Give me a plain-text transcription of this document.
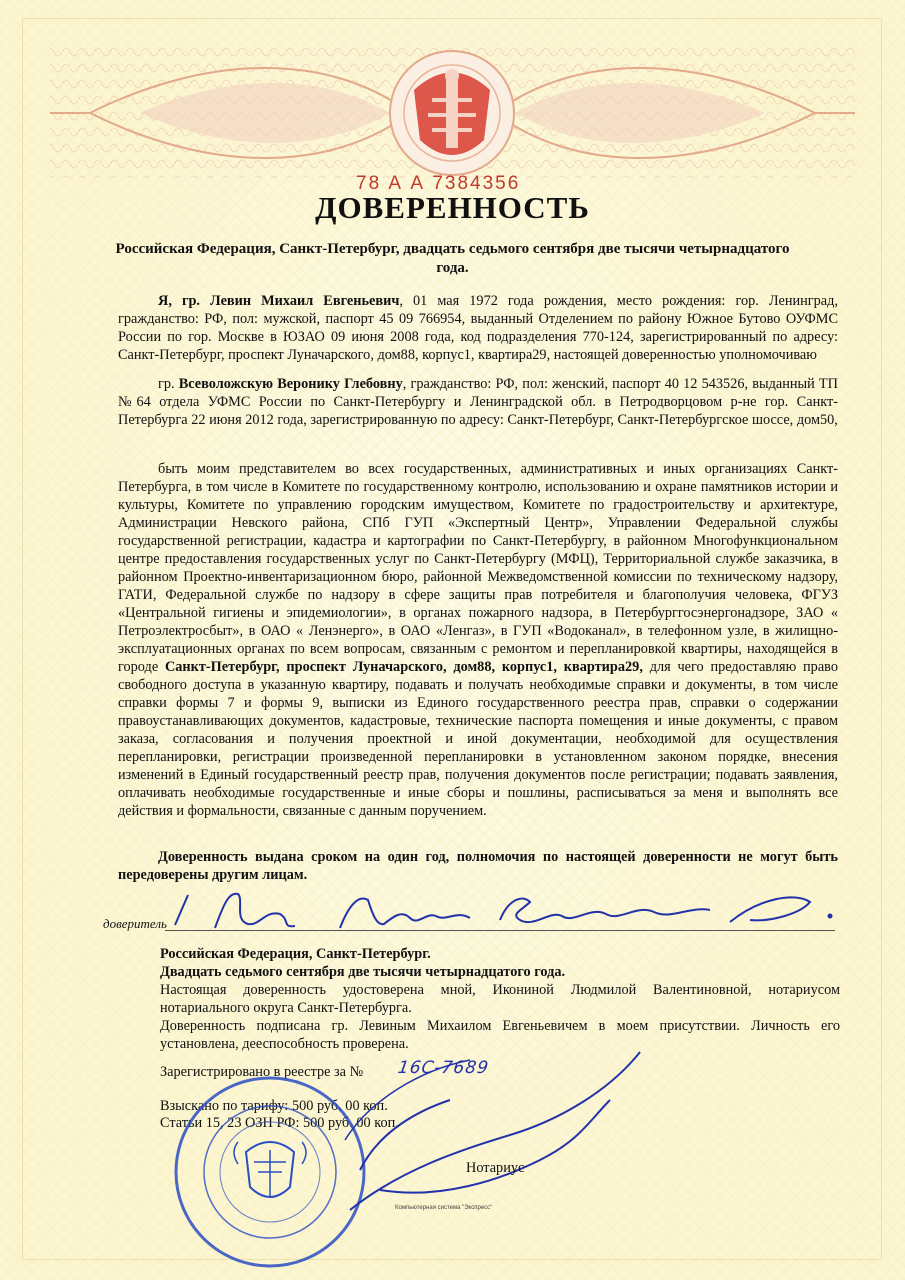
78 А А 7384356
ДОВЕРЕННОСТЬ
Российская Федерация, Санкт-Петербург, двадцать седьмого сентября две тысячи четырнадцатого года.
Я, гр. Левин Михаил Евгеньевич, 01 мая 1972 года рождения, место рождения: гор. Ленинград, гражданство: РФ, пол: мужской, паспорт 45 09 766954, выданный Отделением по району Южное Бутово ОУФМС России по гор. Москве в ЮЗАО 09 июня 2008 года, код подразделения 770-124, зарегистрированный по адресу: Санкт-Петербург, проспект Луначарского, дом88, корпус1, квартира29, настоящей доверенностью уполномочиваю
гр. Всеволожскую Веронику Глебовну, гражданство: РФ, пол: женский, паспорт 40 12 543526, выданный ТП №64 отдела УФМС России по Санкт-Петербургу и Ленинградской обл. в Петродворцовом р-не гор. Санкт-Петербурга 22 июня 2012 года, зарегистрированную по адресу: Санкт-Петербург, Санкт-Петербургское шоссе, дом50,
быть моим представителем во всех государственных, административных и иных организациях Санкт-Петербурга, в том числе в Комитете по государственному контролю, использованию и охране памятников истории и культуры, Комитете по управлению городским имуществом, Комитете по градостроительству и архитектуре, Администрации Невского района, СПб ГУП «Экспертный Центр», Управлении Федеральной службы государственной регистрации, кадастра и картографии по Санкт-Петербургу, в районном Многофункциональном центре предоставления государственных услуг по Санкт-Петербургу (МФЦ), Территориальной службе заказчика, в районном Проектно-инвентаризационном бюро, районной Межведомственной комиссии по техническому надзору, ГАТИ, Федеральной службе по надзору в сфере защиты прав потребителя и благополучия человека, ФГУЗ «Центральной гигиены и эпидемиологии», в органах пожарного надзора, в Петербурггосэнергонадзоре, ЗАО « Петроэлектросбыт», в ОАО « Ленэнерго», в ОАО «Ленгаз», в ГУП «Водоканал», в телефонном узле, в жилищно-эксплуатационных органах по всем вопросам, связанным с ремонтом и перепланировкой квартиры, находящейся в городе Санкт-Петербург, проспект Луначарского, дом88, корпус1, квартира29, для чего предоставляю право свободного доступа в указанную квартиру, подавать и получать необходимые справки и документы, в том числе справки формы 7 и формы 9, выписки из Единого государственного реестра прав, справки о содержании правоустанавливающих документов, кадастровые, технические паспорта помещения и иные документы, с правом заказа, согласования и получения проектной и иной документации, необходимой для осуществления перепланировки, регистрации произведенной перепланировки в установленном законом порядке, внесения изменений в Единый государственный реестр прав, получения документов после регистрации; подавать заявления, оплачивать необходимые государственные и иные сборы и пошлины, расписываться за меня и выполнять все действия и формальности, связанные с данным поручением.
Доверенность выдана сроком на один год, полномочия по настоящей доверенности не могут быть передоверены другим лицам.
доверитель
Российская Федерация, Санкт-Петербург.
Двадцать седьмого сентября две тысячи четырнадцатого года.
Настоящая доверенность удостоверена мной, Икониной Людмилой Валентиновной, нотариусом нотариального округа Санкт-Петербурга.
Доверенность подписана гр. Левиным Михаилом Евгеньевичем в моем присутствии. Личность его установлена, дееспособность проверена.
Зарегистрировано в реестре за №	16С-7689
Взыскано по тарифу: 500 руб. 00 коп.
Статьи 15, 23 ОЗН РФ: 500 руб. 00 коп.
Нотариус
Компьютерная система "Экспресс"
